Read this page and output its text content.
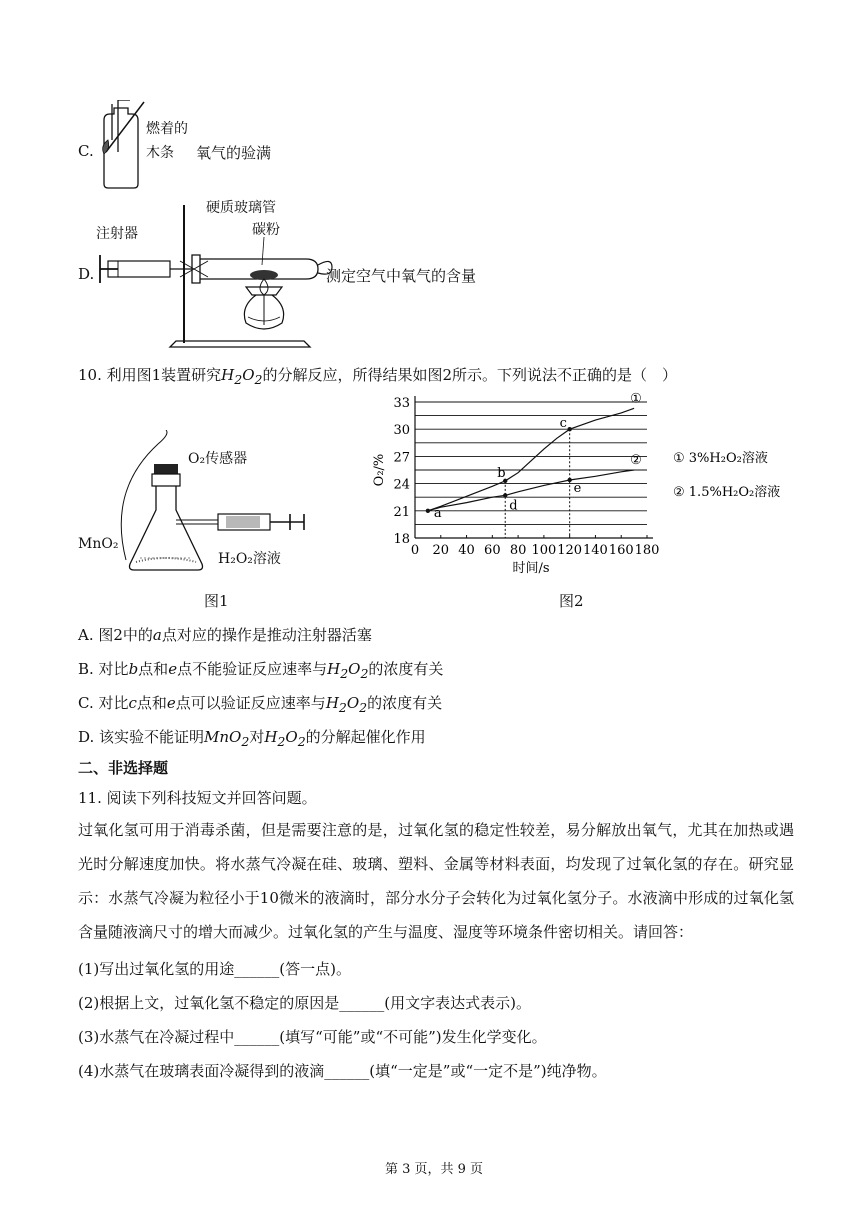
C.
燃着的
木条 氧气的验满
D.
硬质玻璃管
注射器	碳粉
测定空气中氧气的含量
10. 利用图1装置研究$H_2O_2$的分解反应，所得结果如图2所示。下列说法不正确的是（　）
O₂传感器
MnO₂
H₂O₂溶液
图1
0 20 40 60 80 100 120 140 160 180
18
21
24
27
30
33
时间/s
O₂/%
①
②
a
b
c
d
e
① 3%H₂O₂溶液
② 1.5%H₂O₂溶液
图2
A. 图2中的a点对应的操作是推动注射器活塞
B. 对比b点和e点不能验证反应速率与$H_2O_2$的浓度有关
C. 对比c点和e点可以验证反应速率与$H_2O_2$的浓度有关
D. 该实验不能证明MnO$_2$对$H_2O_2$的分解起催化作用
二、非选择题
11. 阅读下列科技短文并回答问题。
过氧化氢可用于消毒杀菌，但是需要注意的是，过氧化氢的稳定性较差，易分解放出氧气，尤其在加热或遇光时分解速度加快。将水蒸气冷凝在硅、玻璃、塑料、金属等材料表面，均发现了过氧化氢的存在。研究显示：水蒸气冷凝为粒径小于10微米的液滴时，部分水分子会转化为过氧化氢分子。水液滴中形成的过氧化氢含量随液滴尺寸的增大而减少。过氧化氢的产生与温度、湿度等环境条件密切相关。请回答：
(1)写出过氧化氢的用途______(答一点)。
(2)根据上文，过氧化氢不稳定的原因是______(用文字表达式表示)。
(3)水蒸气在冷凝过程中______(填写“可能”或“不可能”)发生化学变化。
(4)水蒸气在玻璃表面冷凝得到的液滴______(填“一定是”或“一定不是”)纯净物。
第 3 页，共 9 页
